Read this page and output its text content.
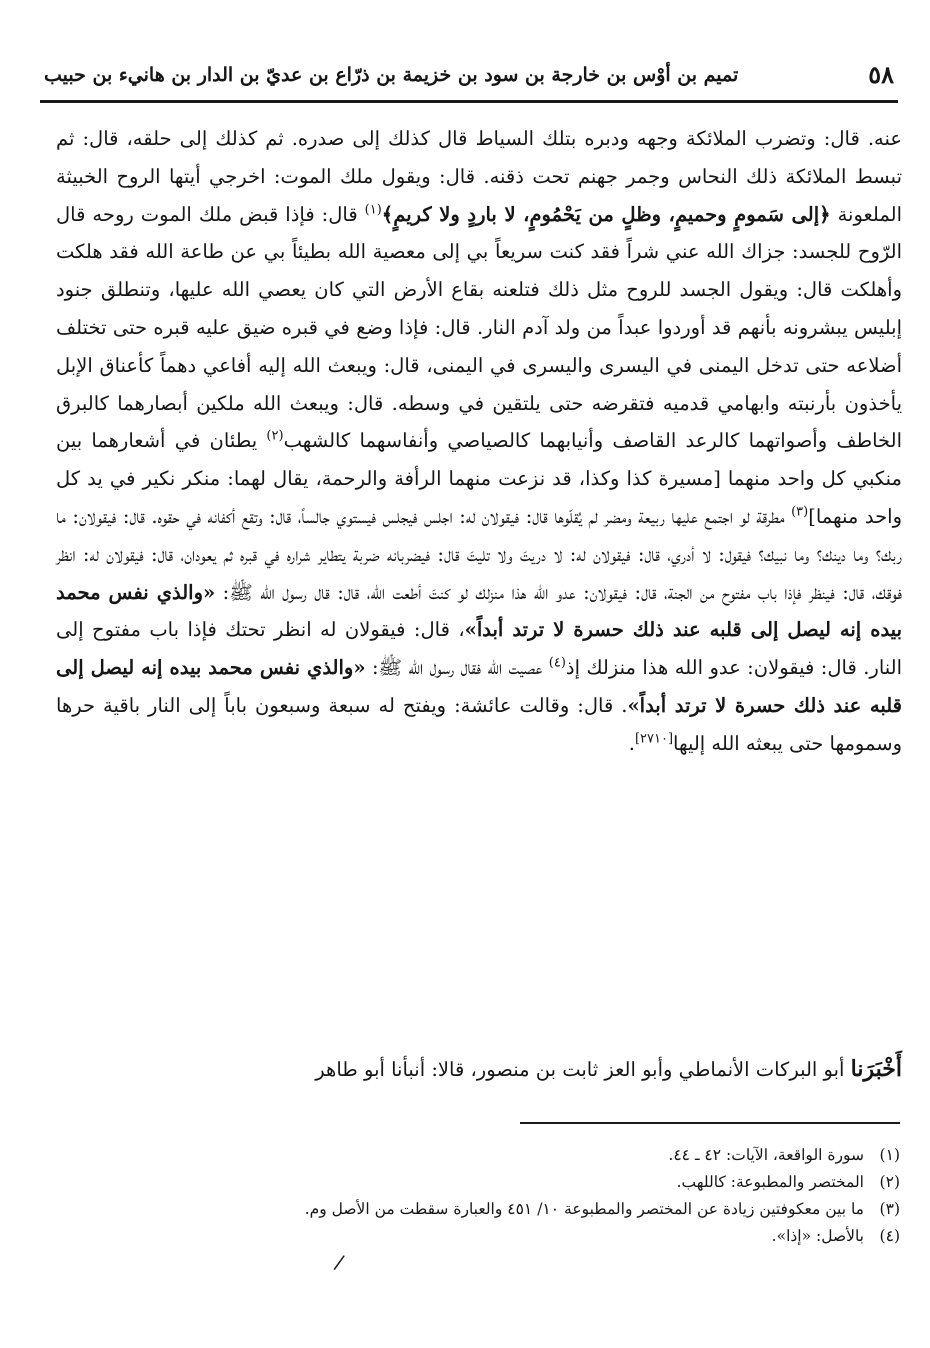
٥٨
تميم بن أوْس بن خارجة بن سود بن خزيمة بن ذرّاع بن عديّ بن الدار بن هانيء بن حبيب

عنه. قال: وتضرب الملائكة وجهه ودبره بتلك السياط قال كذلك إلى صدره. ثم كذلك إلى حلقه، قال: ثم تبسط الملائكة ذلك النحاس وجمر جهنم تحت ذقنه. قال: ويقول ملك الموت: اخرجي أيتها الروح الخبيثة الملعونة ﴿إلى سَمومٍ وحميمٍ، وظلٍ من يَحْمُومٍ، لا باردٍ ولا كريمٍ﴾$^{(١)}$ قال: فإذا قبض ملك الموت روحه قال الرّوح للجسد: جزاك الله عني شراً فقد كنت سريعاً بي إلى معصية الله بطيئاً بي عن طاعة الله فقد هلكت وأهلكت قال: ويقول الجسد للروح مثل ذلك فتلعنه بقاع الأرض التي كان يعصي الله عليها، وتنطلق جنود إبليس يبشرونه بأنهم قد أوردوا عبداً من ولد آدم النار. قال: فإذا وضع في قبره ضيق عليه قبره حتى تختلف أضلاعه حتى تدخل اليمنى في اليسرى واليسرى في اليمنى، قال: ويبعث الله إليه أفاعي دهماً كأعناق الإبل يأخذون بأرنبته وابهامي قدميه فتقرضه حتى يلتقين في وسطه. قال: ويبعث الله ملكين أبصارهما كالبرق الخاطف وأصواتهما كالرعد القاصف وأنيابهما كالصياصي وأنفاسهما كالشهب$^{(٢)}$ يطئان في أشعارهما بين منكبي كل واحد منهما [مسيرة كذا وكذا، قد نزعت منهما الرأفة والرحمة، يقال لهما: منكر نكير في يد كل واحد منهما]$^{(٣)}$ مطرقة لو اجتمع عليها ربيعة ومضر لم يُقلّوها قال: فيقولان له: اجلس فيجلس فيستوي جالساً، قال: وتقع أكفانه في حقوه. قال: فيقولان: ما ربك؟ وما دينك؟ وما نبيك؟ فيقول: لا أدري، قال: فيقولان له: لا دريتَ ولا تليتَ قال: فيضربانه ضربة يتطاير شراره في قبره ثم يعودان، قال: فيقولان له: انظر فوقك، قال: فينظر فإذا باب مفتوح من الجنة، قال: فيقولان: عدو الله هذا منزلك لو كنتَ أطعت الله، قال: قال رسول الله ﷺ: «والذي نفس محمد بيده إنه ليصل إلى قلبه عند ذلك حسرة لا ترتد أبداً»، قال: فيقولان له انظر تحتك فإذا باب مفتوح إلى النار. قال: فيقولان: عدو الله هذا منزلك إذ$^{(٤)}$ عصيت الله فقال رسول الله ﷺ: «والذي نفس محمد بيده إنه ليصل إلى قلبه عند ذلك حسرة لا ترتد أبداً». قال: وقالت عائشة: ويفتح له سبعة وسبعون باباً إلى النار باقية حرها وسمومها حتى يبعثه الله إليها[٢٧١٠].

أَخْبَرَنا أبو البركات الأنماطي وأبو العز ثابت بن منصور، قالا: أنبأنا أبو طاهر
(١)
سورة الواقعة، الآيات: ٤٢ ـ ٤٤.
(٢)
المختصر والمطبوعة: كاللهب.
(٣)
ما بين معكوفتين زيادة عن المختصر والمطبوعة ١٠/ ٤٥١ والعبارة سقطت من الأصل وم.
(٤)
بالأصل: «إذا».
/
